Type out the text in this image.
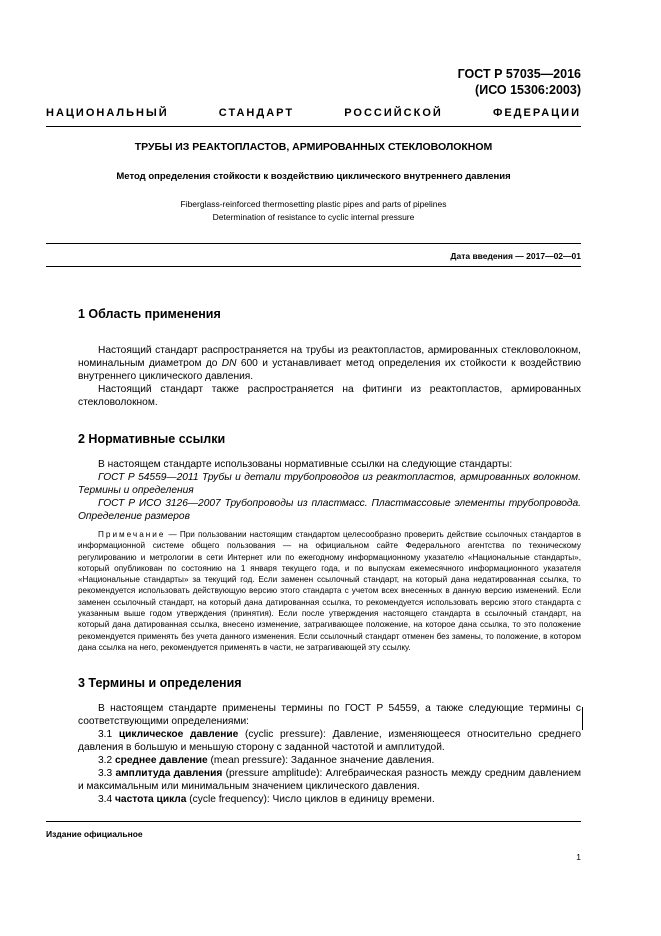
ГОСТ Р 57035—2016
(ИСО 15306:2003)
НАЦИОНАЛЬНЫЙ	СТАНДАРТ	РОССИЙСКОЙ	ФЕДЕРАЦИИ
ТРУБЫ ИЗ РЕАКТОПЛАСТОВ, АРМИРОВАННЫХ СТЕКЛОВОЛОКНОМ
Метод определения стойкости к воздействию циклического внутреннего давления
Fiberglass-reinforced thermosetting plastic pipes and parts of pipelines
Determination of resistance to cyclic internal pressure
Дата введения — 2017—02—01
1 Область применения

Настоящий стандарт распространяется на трубы из реактопластов, армированных стекловолокном, номинальным диаметром до DN 600 и устанавливает метод определения их стойкости к воздействию внутреннего циклического давления.

Настоящий стандарт также распространяется на фитинги из реактопластов, армированных стекловолокном.

2 Нормативные ссылки

В настоящем стандарте использованы нормативные ссылки на следующие стандарты:

ГОСТ Р 54559—2011 Трубы и детали трубопроводов из реактопластов, армированных волокном. Термины и определения

ГОСТ Р ИСО 3126—2007 Трубопроводы из пластмасс. Пластмассовые элементы трубопровода. Определение размеров

Примечание — При пользовании настоящим стандартом целесообразно проверить действие ссылочных стандартов в информационной системе общего пользования — на официальном сайте Федерального агентства по техническому регулированию и метрологии в сети Интернет или по ежегодному информационному указателю «Национальные стандарты», который опубликован по состоянию на 1 января текущего года, и по выпускам ежемесячного информационного указателя «Национальные стандарты» за текущий год. Если заменен ссылочный стандарт, на который дана недатированная ссылка, то рекомендуется использовать действующую версию этого стандарта с учетом всех внесенных в данную версию изменений. Если заменен ссылочный стандарт, на который дана датированная ссылка, то рекомендуется использовать версию этого стандарта с указанным выше годом утверждения (принятия). Если после утверждения настоящего стандарта в ссылочный стандарт, на который дана датированная ссылка, внесено изменение, затрагивающее положение, на которое дана ссылка, то это положение рекомендуется применять без учета данного изменения. Если ссылочный стандарт отменен без замены, то положение, в котором дана ссылка на него, рекомендуется применять в части, не затрагивающей эту ссылку.

3 Термины и определения

В настоящем стандарте применены термины по ГОСТ Р 54559, а также следующие термины с соответствующими определениями:

3.1 циклическое давление (cyclic pressure): Давление, изменяющееся относительно среднего давления в большую и меньшую сторону с заданной частотой и амплитудой.

3.2 среднее давление (mean pressure): Заданное значение давления.

3.3 амплитуда давления (pressure amplitude): Алгебраическая разность между средним давлением и максимальным или минимальным значением циклического давления.

3.4 частота цикла (cycle frequency): Число циклов в единицу времени.

Издание официальное
1
